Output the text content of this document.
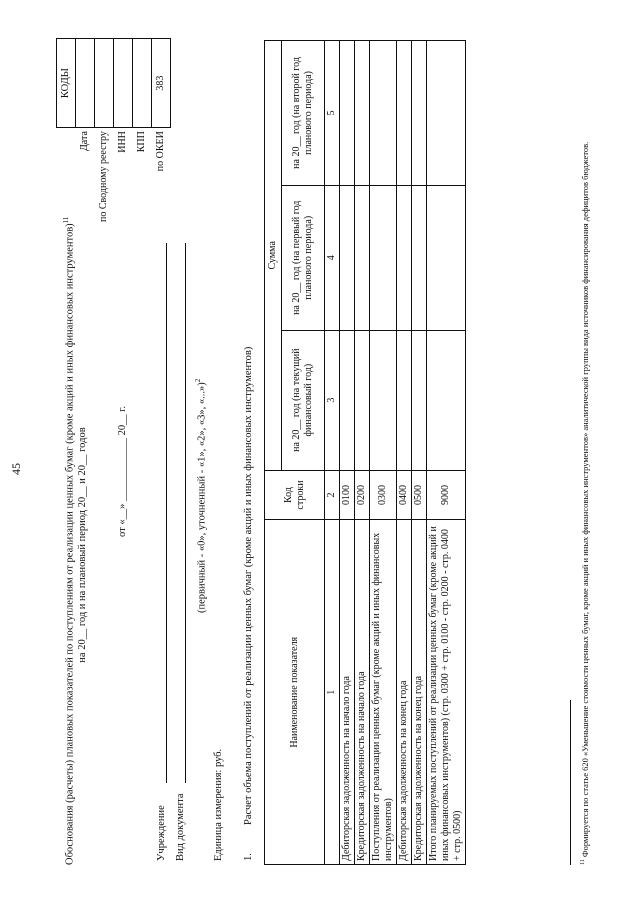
45	Обоснования (расчеты) плановых показателей по поступлениям от реализации ценных бумаг (кроме акций и иных финансовых инструментов)$^{11}$
на 20__ год и на плановый период 20__ и 20__ годов	от «__» ____________ 20__ г.
	КОДЫ
Дата	
по Сводному реестру	
ИНН	
КПП	
по ОКЕИ	383
Учреждение Вид документа
(первичный - «0», уточненный - «1», «2», «3», «...»)$^2$
Единица измерения: руб. 1.
Расчет объема поступлений от реализации ценных бумаг (кроме акций и иных финансовых инструментов)	Наименование показателя	Код строки	Сумма		
		на 20__ год (на текущий финансовый год)	на 20__ год (на первый год планового периода)	на 20__ год (на второй год планового периода)
1	2	3	4	5
Дебиторская задолженность на начало года	0100			
Кредиторская задолженность на начало года	0200			
Поступления от реализации ценных бумаг (кроме акций и иных финансовых инструментов)	0300			
Дебиторская задолженность на конец года	0400			
Кредиторская задолженность на конец года	0500			
Итого планируемых поступлений от реализации ценных бумаг (кроме акций и иных финансовых инструментов) (стр. 0300 + стр. 0100 - стр. 0200 - стр. 0400 + стр. 0500)	9000			
$^{11}$ Формируется по статье 620 «Уменьшение стоимости ценных бумаг, кроме акций и иных финансовых инструментов» аналитической группы вида источников финансирования дефицитов бюджетов.
